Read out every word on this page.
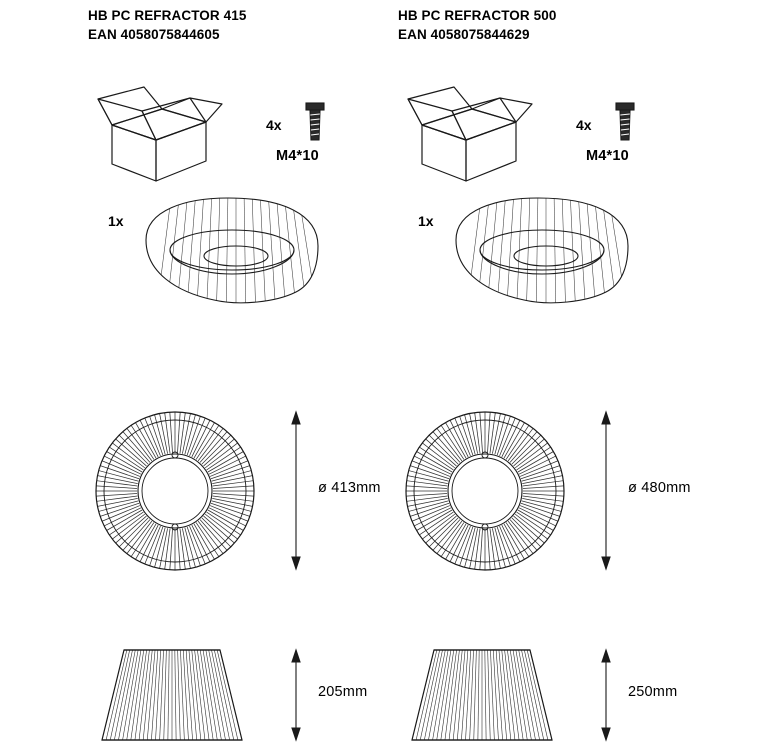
HB PC REFRACTOR 415
EAN 4058075844605
4x
M4*10
1x
ø 413mm
205mm
HB PC REFRACTOR 500
EAN 4058075844629
4x
M4*10
1x
ø 480mm
250mm
